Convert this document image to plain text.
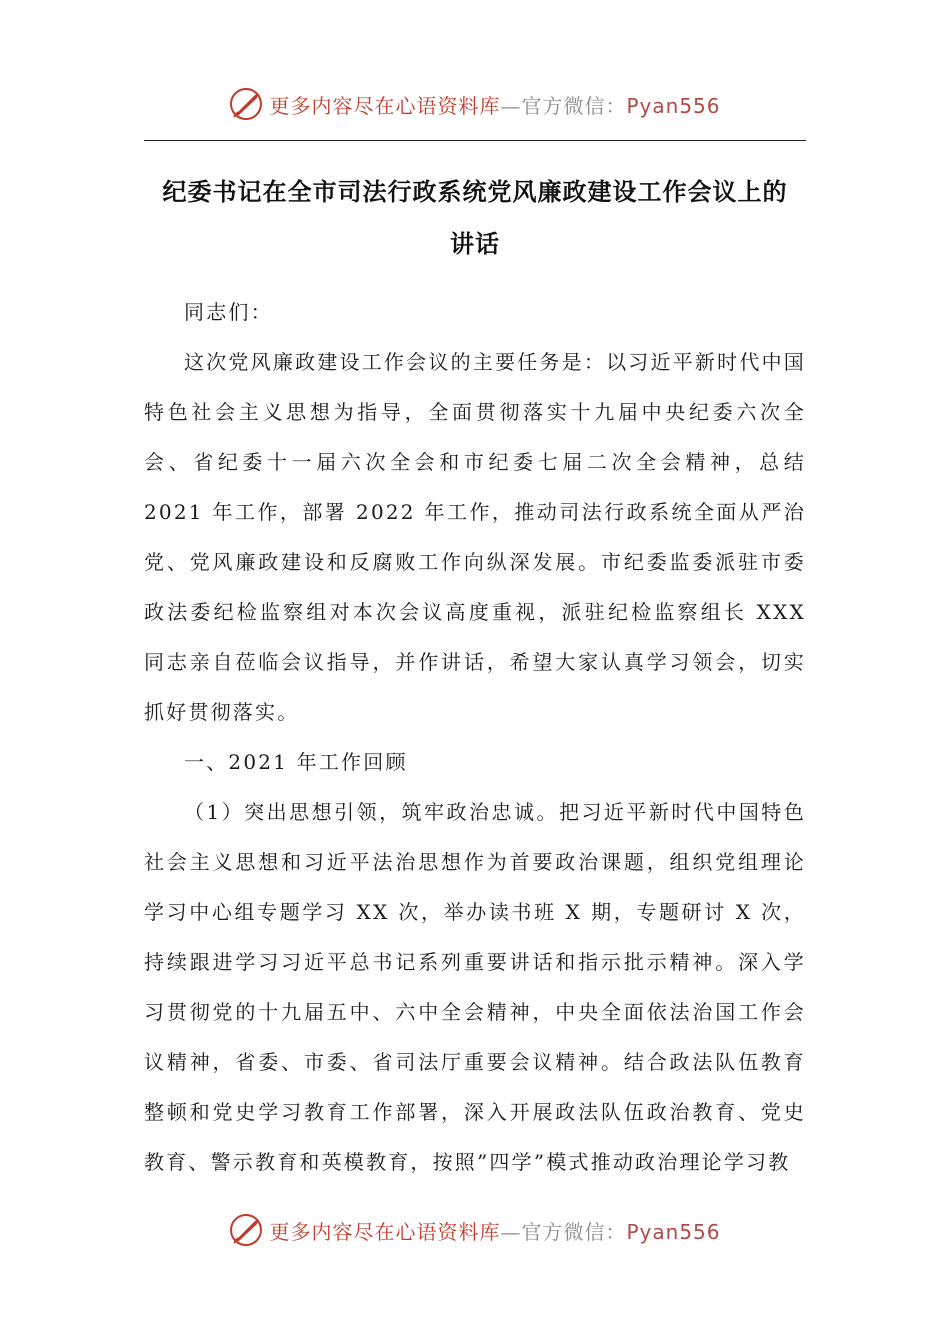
更多内容尽在心语资料库—官方微信：Pyan556
纪委书记在全市司法行政系统党风廉政建设工作会议上的
讲话

同志们：

这次党风廉政建设工作会议的主要任务是：以习近平新时代中国特色社会主义思想为指导，全面贯彻落实十九届中央纪委六次全会、省纪委十一届六次全会和市纪委七届二次全会精神，总结 2021 年工作，部署 2022 年工作，推动司法行政系统全面从严治党、党风廉政建设和反腐败工作向纵深发展。市纪委监委派驻市委政法委纪检监察组对本次会议高度重视，派驻纪检监察组长 XXX 同志亲自莅临会议指导，并作讲话，希望大家认真学习领会，切实抓好贯彻落实。

一、2021 年工作回顾

（1）突出思想引领，筑牢政治忠诚。把习近平新时代中国特色社会主义思想和习近平法治思想作为首要政治课题，组织党组理论学习中心组专题学习 XX 次，举办读书班 X 期，专题研讨 X 次，持续跟进学习习近平总书记系列重要讲话和指示批示精神。深入学习贯彻党的十九届五中、六中全会精神，中央全面依法治国工作会议精神，省委、市委、省司法厅重要会议精神。结合政法队伍教育整顿和党史学习教育工作部署，深入开展政法队伍政治教育、党史教育、警示教育和英模教育，按照”四学”模式推动政治理论学习教

更多内容尽在心语资料库—官方微信：Pyan556
